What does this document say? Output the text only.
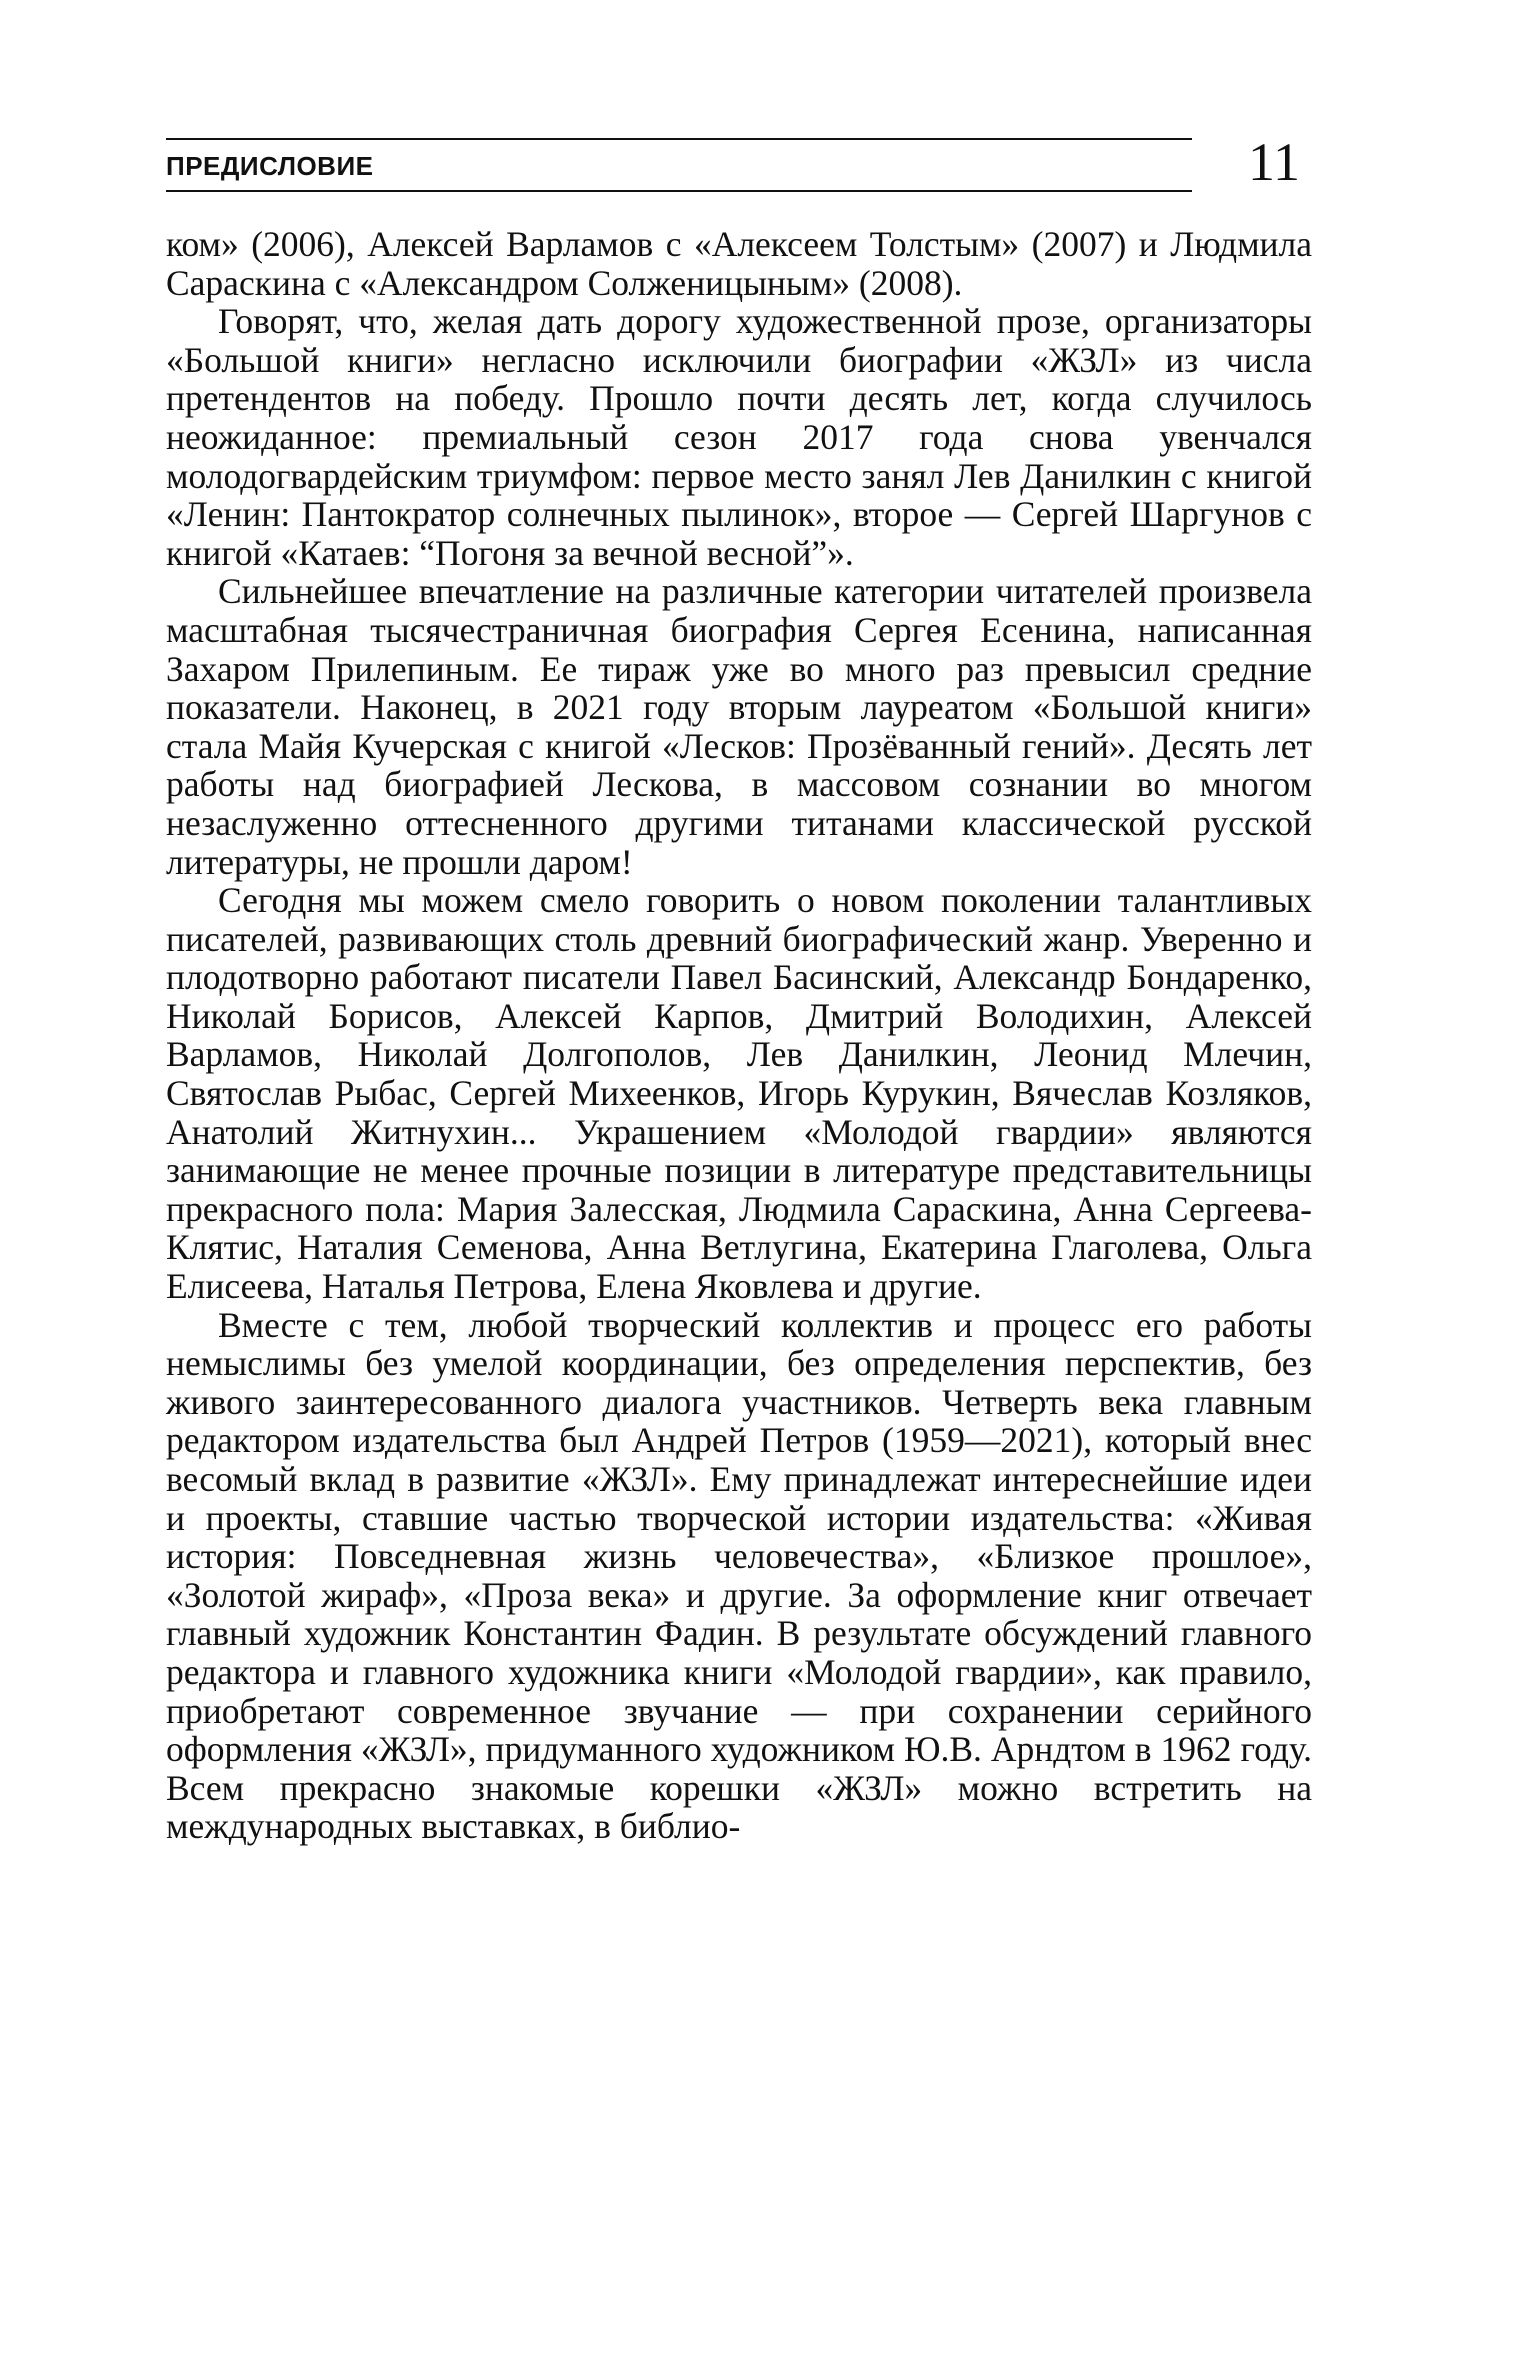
ПРЕДИСЛОВИЕ	11

ком» (2006), Алексей Варламов с «Алексеем Толстым» (2007) и Людмила Сараскина с «Александром Солженицыным» (2008).

Говорят, что, желая дать дорогу художественной прозе, организаторы «Большой книги» негласно исключили биографии «ЖЗЛ» из числа претендентов на победу. Прошло почти десять лет, когда случилось неожиданное: премиальный сезон 2017 года снова увенчался молодогвардейским триумфом: первое место занял Лев Данилкин с книгой «Ленин: Пантократор солнечных пылинок», второе — Сергей Шаргунов с книгой «Катаев: “Погоня за вечной весной”».

Сильнейшее впечатление на различные категории читателей произвела масштабная тысячестраничная биография Сергея Есенина, написанная Захаром Прилепиным. Ее тираж уже во много раз превысил средние показатели. Наконец, в 2021 году вторым лауреатом «Большой книги» стала Майя Кучерская с книгой «Лесков: Прозёванный гений». Десять лет работы над биографией Лескова, в массовом сознании во многом незаслуженно оттесненного другими титанами классической русской литературы, не прошли даром!

Сегодня мы можем смело говорить о новом поколении талантливых писателей, развивающих столь древний биографический жанр. Уверенно и плодотворно работают писатели Павел Басинский, Александр Бондаренко, Николай Борисов, Алексей Карпов, Дмитрий Володихин, Алексей Варламов, Николай Долгополов, Лев Данилкин, Леонид Млечин, Святослав Рыбас, Сергей Михеенков, Игорь Курукин, Вячеслав Козляков, Анатолий Житнухин... Украшением «Молодой гвардии» являются занимающие не менее прочные позиции в литературе представительницы прекрасного пола: Мария Залесская, Людмила Сараскина, Анна Сергеева-Клятис, Наталия Семенова, Анна Ветлугина, Екатерина Глаголева, Ольга Елисеева, Наталья Петрова, Елена Яковлева и другие.

Вместе с тем, любой творческий коллектив и процесс его работы немыслимы без умелой координации, без определения перспектив, без живого заинтересованного диалога участников. Четверть века главным редактором издательства был Андрей Петров (1959—2021), который внес весомый вклад в развитие «ЖЗЛ». Ему принадлежат интереснейшие идеи и проекты, ставшие частью творческой истории издательства: «Живая история: Повседневная жизнь человечества», «Близкое прошлое», «Золотой жираф», «Проза века» и другие. За оформление книг отвечает главный художник Константин Фадин. В результате обсуждений главного редактора и главного художника книги «Молодой гвардии», как правило, приобретают современное звучание — при сохранении серийного оформления «ЖЗЛ», придуманного художником Ю.В. Арндтом в 1962 году. Всем прекрасно знакомые корешки «ЖЗЛ» можно встретить на международных выставках, в библио-
